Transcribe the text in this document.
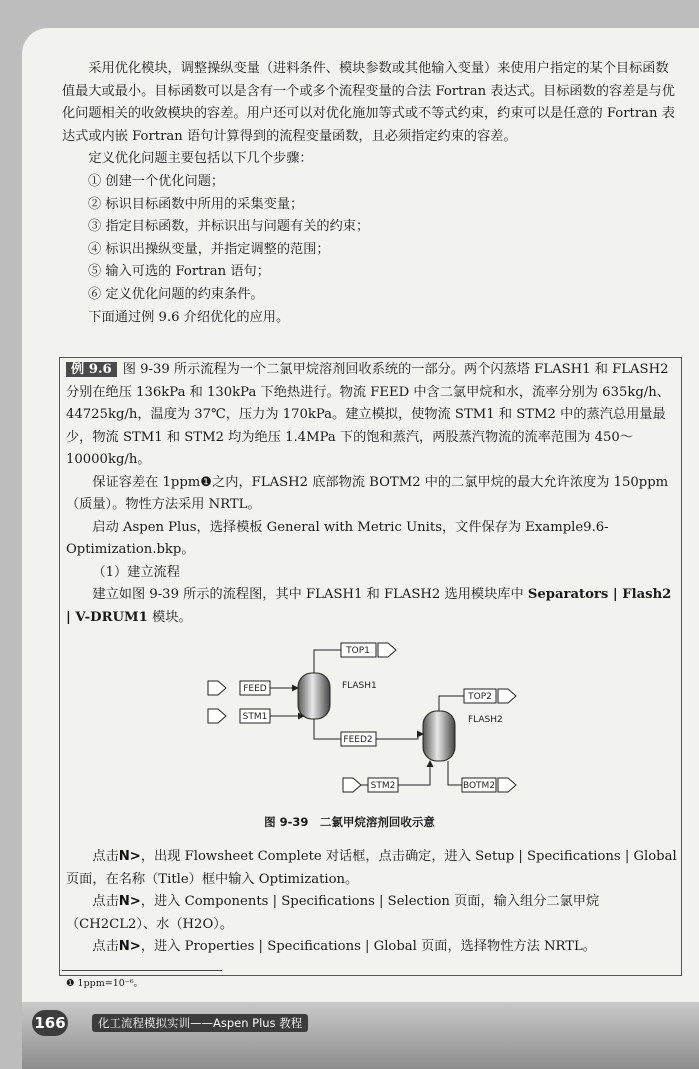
采用优化模块，调整操纵变量（进料条件、模块参数或其他输入变量）来使用户指定的某个目标函数值最大或最小。目标函数可以是含有一个或多个流程变量的合法 Fortran 表达式。目标函数的容差是与优化问题相关的收敛模块的容差。用户还可以对优化施加等式或不等式约束，约束可以是任意的 Fortran 表达式或内嵌 Fortran 语句计算得到的流程变量函数，且必须指定约束的容差。

定义优化问题主要包括以下几个步骤：

① 创建一个优化问题；
② 标识目标函数中所用的采集变量；
③ 指定目标函数，并标识出与问题有关的约束；
④ 标识出操纵变量，并指定调整的范围；
⑤ 输入可选的 Fortran 语句；
⑥ 定义优化问题的约束条件。

下面通过例 9.6 介绍优化的应用。

例 9.6 图 9-39 所示流程为一个二氯甲烷溶剂回收系统的一部分。两个闪蒸塔 FLASH1 和 FLASH2 分别在绝压 136kPa 和 130kPa 下绝热进行。物流 FEED 中含二氯甲烷和水，流率分别为 635kg/h、44725kg/h，温度为 37℃，压力为 170kPa。建立模拟，使物流 STM1 和 STM2 中的蒸汽总用量最少，物流 STM1 和 STM2 均为绝压 1.4MPa 下的饱和蒸汽，两股蒸汽物流的流率范围为 450～10000kg/h。

保证容差在 1ppm❶之内，FLASH2 底部物流 BOTM2 中的二氯甲烷的最大允许浓度为 150ppm（质量）。物性方法采用 NRTL。

启动 Aspen Plus，选择模板 General with Metric Units，文件保存为 Example9.6-Optimization.bkp。

（1）建立流程

建立如图 9-39 所示的流程图，其中 FLASH1 和 FLASH2 选用模块库中 Separators | Flash2 | V-DRUM1 模块。

TOP1
FEED
STM1
FLASH1
FEED2
TOP2
FLASH2
STM2	BOTM2
图 9-39　二氯甲烷溶剂回收示意

点击N>，出现 Flowsheet Complete 对话框，点击确定，进入 Setup | Specifications | Global 页面，在名称（Title）框中输入 Optimization。

点击N>，进入 Components | Specifications | Selection 页面，输入组分二氯甲烷（CH2CL2）、水（H2O）。

点击N>，进入 Properties | Specifications | Global 页面，选择物性方法 NRTL。

❶ 1ppm=10⁻⁶。
166	化工流程模拟实训——Aspen Plus 教程
